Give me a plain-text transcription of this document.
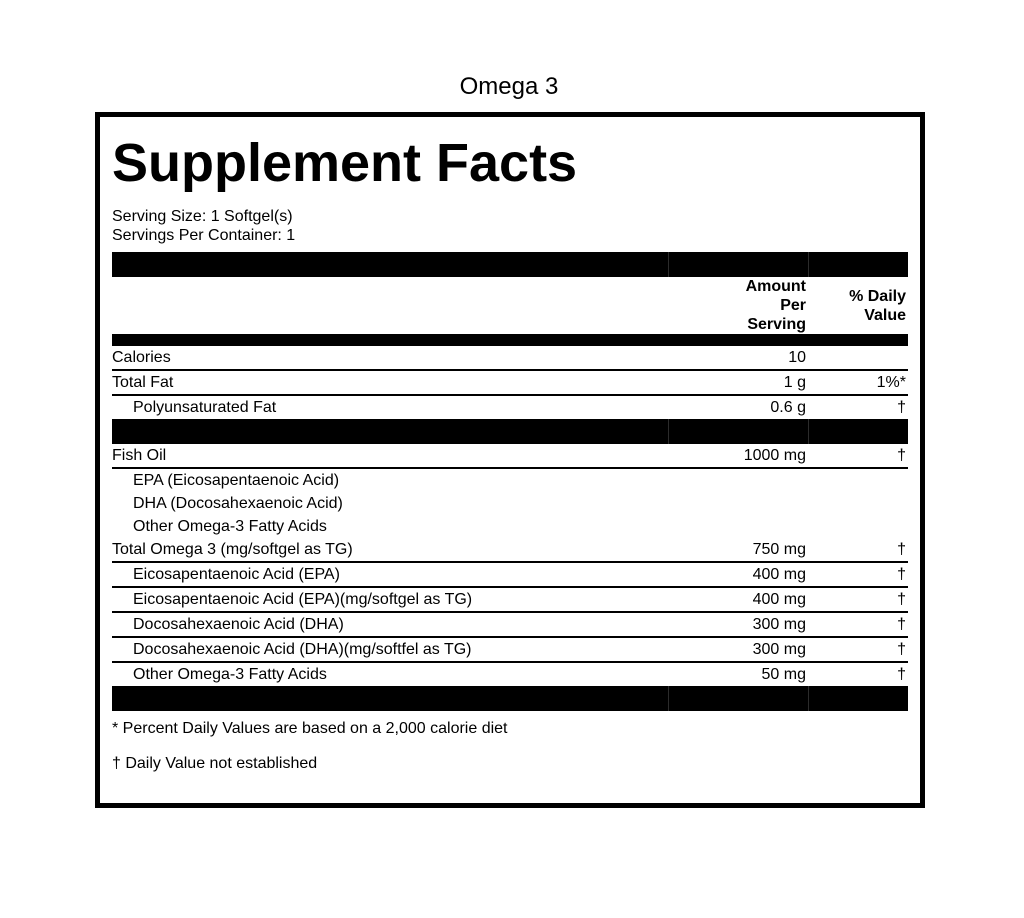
Omega 3
Supplement Facts
Serving Size: 1 Softgel(s)
Servings Per Container: 1

	Amount Per Serving	% Daily Value

Calories	10	
Total Fat	1 g	1%*
Polyunsaturated Fat	0.6 g	†

Fish Oil	1000 mg	†
EPA (Eicosapentaenoic Acid)		
DHA (Docosahexaenoic Acid)		
Other Omega-3 Fatty Acids		
Total Omega 3 (mg/softgel as TG)	750 mg	†
Eicosapentaenoic Acid (EPA)	400 mg	†
Eicosapentaenoic Acid (EPA)(mg/softgel as TG)	400 mg	†
Docosahexaenoic Acid (DHA)	300 mg	†
Docosahexaenoic Acid (DHA)(mg/softfel as TG)	300 mg	†
Other Omega-3 Fatty Acids	50 mg	†

* Percent Daily Values are based on a 2,000 calorie diet
† Daily Value not established
